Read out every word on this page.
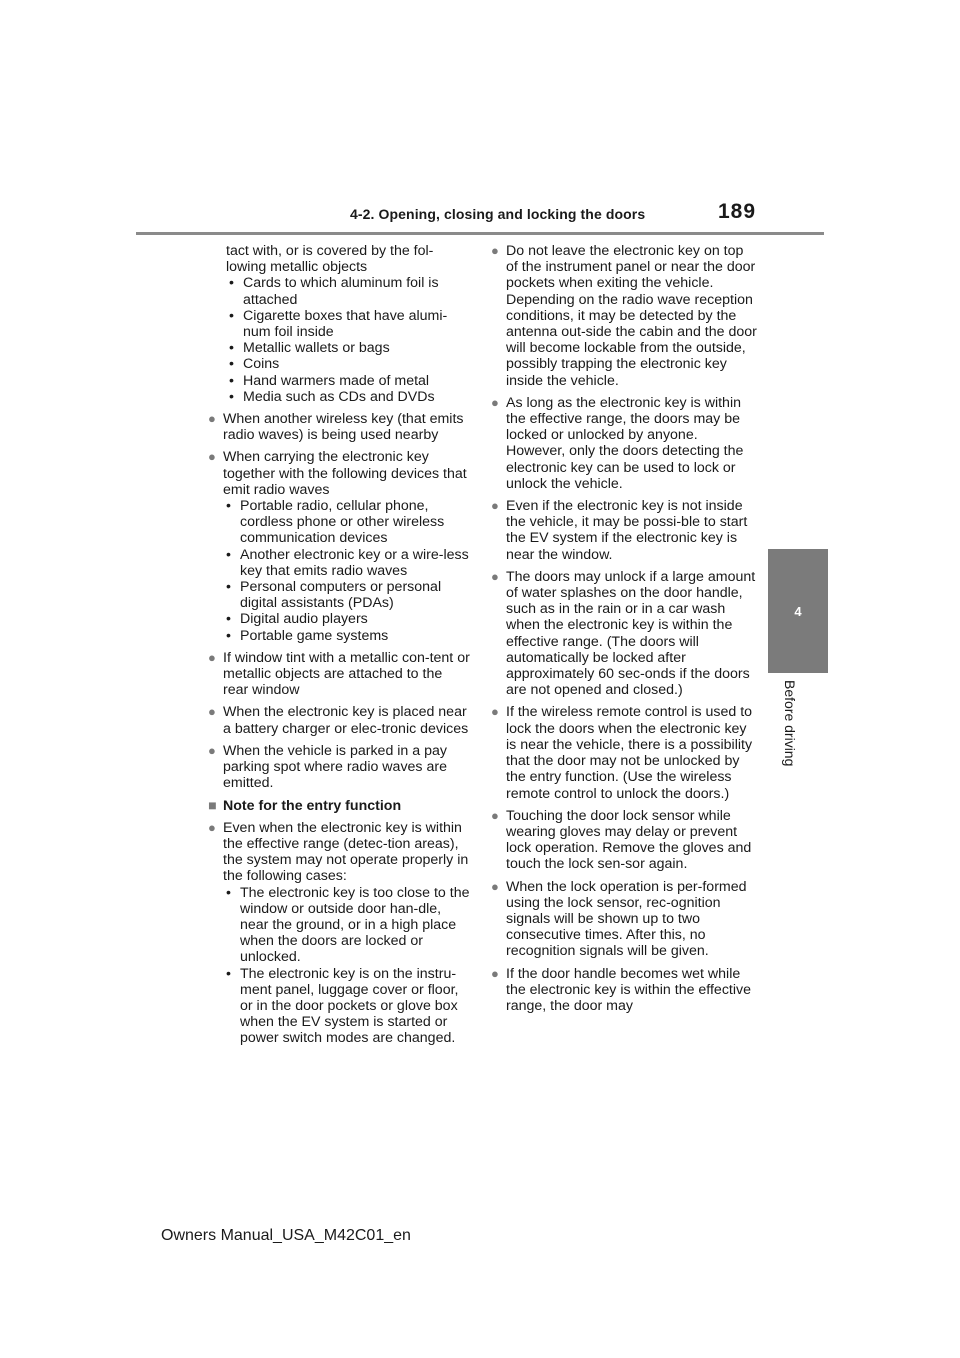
4-2. Opening, closing and locking the doors	189
4
Before driving
tact with, or is covered by the fol-lowing metallic objects
• Cards to which aluminum foil is attached
• Cigarette boxes that have alumi-num foil inside
• Metallic wallets or bags
• Coins
• Hand warmers made of metal
• Media such as CDs and DVDs
● When another wireless key (that emits radio waves) is being used nearby
● When carrying the electronic key together with the following devices that emit radio waves
• Portable radio, cellular phone, cordless phone or other wireless communication devices
• Another electronic key or a wire-less key that emits radio waves
• Personal computers or personal digital assistants (PDAs)
• Digital audio players
• Portable game systems
● If window tint with a metallic con-tent or metallic objects are attached to the rear window
● When the electronic key is placed near a battery charger or elec-tronic devices
● When the vehicle is parked in a pay parking spot where radio waves are emitted.
■ Note for the entry function
● Even when the electronic key is within the effective range (detec-tion areas), the system may not operate properly in the following cases:
• The electronic key is too close to the window or outside door han-dle, near the ground, or in a high place when the doors are locked or unlocked.
• The electronic key is on the instru-ment panel, luggage cover or floor, or in the door pockets or glove box when the EV system is started or power switch modes are changed.
● Do not leave the electronic key on top of the instrument panel or near the door pockets when exiting the vehicle. Depending on the radio wave reception conditions, it may be detected by the antenna out-side the cabin and the door will become lockable from the outside, possibly trapping the electronic key inside the vehicle.
● As long as the electronic key is within the effective range, the doors may be locked or unlocked by anyone. However, only the doors detecting the electronic key can be used to lock or unlock the vehicle.
● Even if the electronic key is not inside the vehicle, it may be possi-ble to start the EV system if the electronic key is near the window.
● The doors may unlock if a large amount of water splashes on the door handle, such as in the rain or in a car wash when the electronic key is within the effective range. (The doors will automatically be locked after approximately 60 sec-onds if the doors are not opened and closed.)
● If the wireless remote control is used to lock the doors when the electronic key is near the vehicle, there is a possibility that the door may not be unlocked by the entry function. (Use the wireless remote control to unlock the doors.)
● Touching the door lock sensor while wearing gloves may delay or prevent lock operation. Remove the gloves and touch the lock sen-sor again.
● When the lock operation is per-formed using the lock sensor, rec-ognition signals will be shown up to two consecutive times. After this, no recognition signals will be given.
● If the door handle becomes wet while the electronic key is within the effective range, the door may
Owners Manual_USA_M42C01_en
